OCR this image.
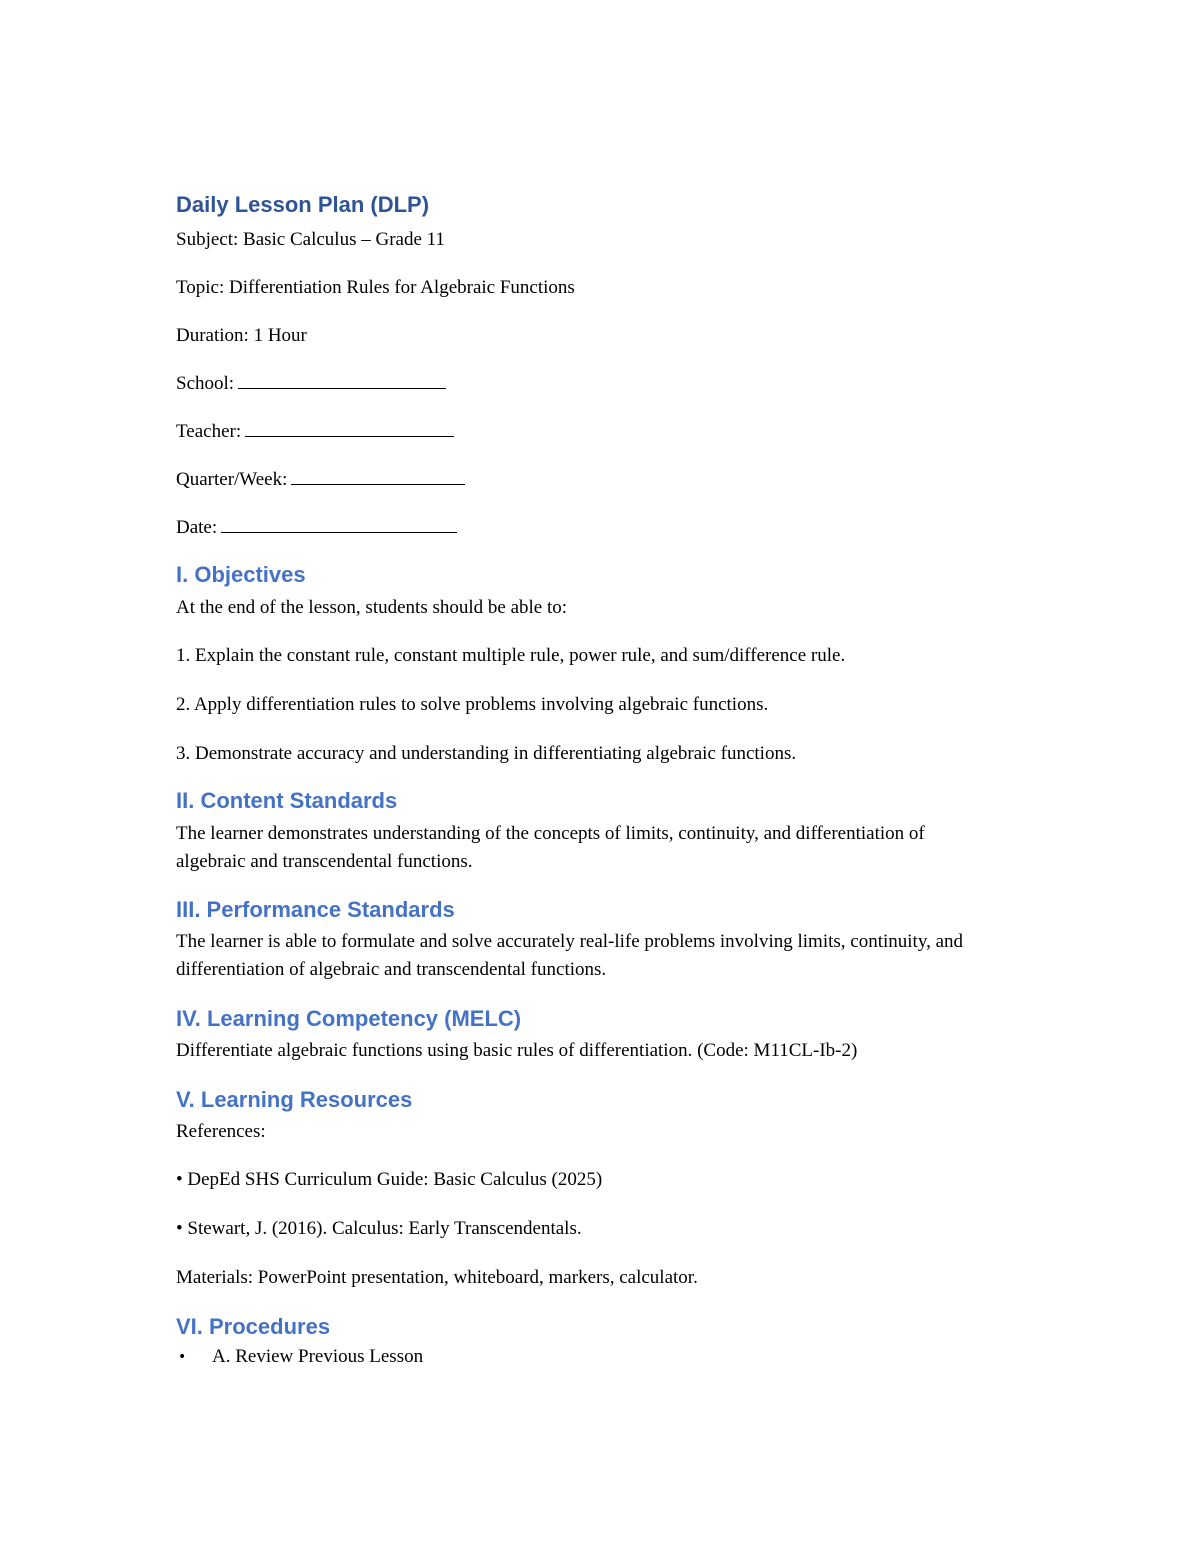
Daily Lesson Plan (DLP)
Subject: Basic Calculus – Grade 11
Topic: Differentiation Rules for Algebraic Functions
Duration: 1 Hour
School:
Teacher:
Quarter/Week:
Date:
I. Objectives
At the end of the lesson, students should be able to:
1. Explain the constant rule, constant multiple rule, power rule, and sum/difference rule.
2. Apply differentiation rules to solve problems involving algebraic functions.
3. Demonstrate accuracy and understanding in differentiating algebraic functions.
II. Content Standards
The learner demonstrates understanding of the concepts of limits, continuity, and differentiation of algebraic and transcendental functions.
III. Performance Standards
The learner is able to formulate and solve accurately real-life problems involving limits, continuity, and differentiation of algebraic and transcendental functions.
IV. Learning Competency (MELC)
Differentiate algebraic functions using basic rules of differentiation. (Code: M11CL-Ib-2)
V. Learning Resources
References:
• DepEd SHS Curriculum Guide: Basic Calculus (2025)
• Stewart, J. (2016). Calculus: Early Transcendentals.
Materials: PowerPoint presentation, whiteboard, markers, calculator.
VI. Procedures
• A. Review Previous Lesson
